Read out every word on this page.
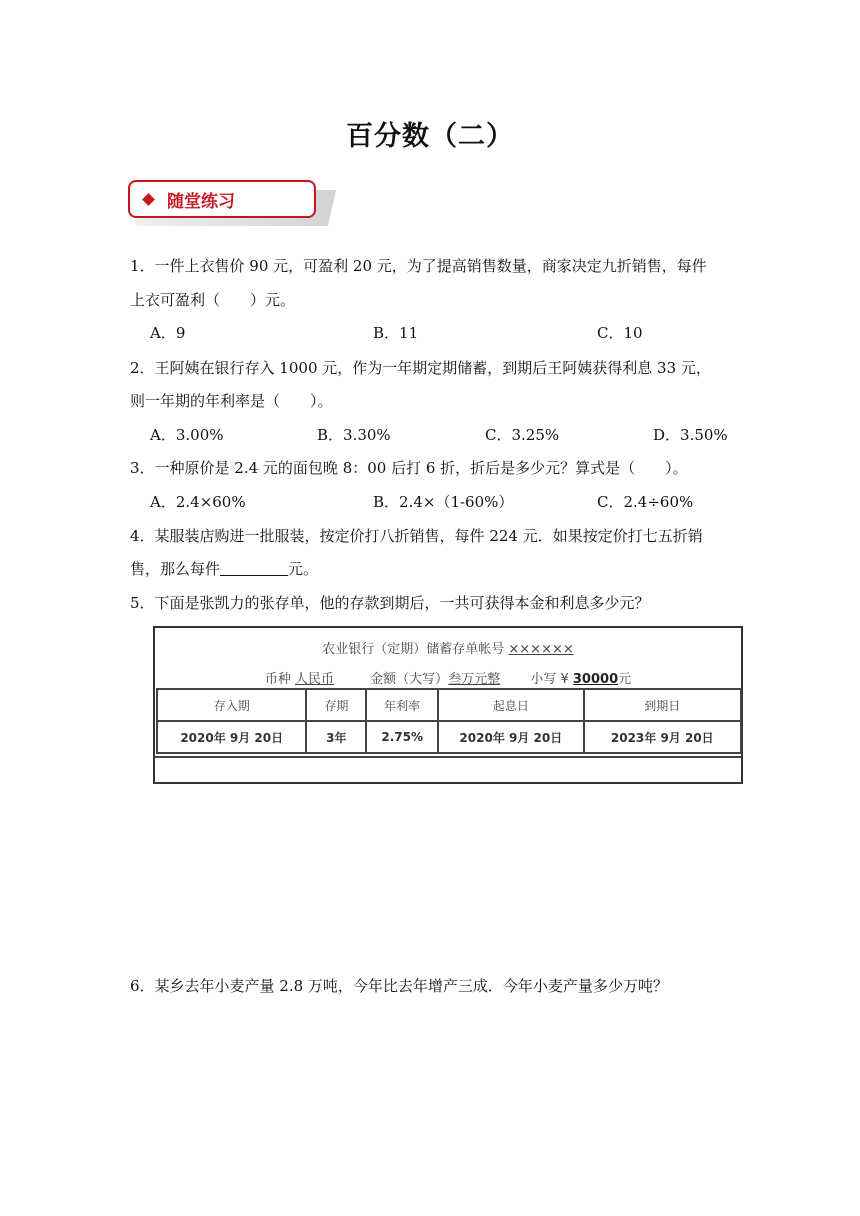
百分数（二）
随堂练习
1．一件上衣售价 90 元，可盈利 20 元，为了提高销售数量，商家决定九折销售，每件
上衣可盈利（　　）元。
A．9	B．11	C．10
2．王阿姨在银行存入 1000 元，作为一年期定期储蓄，到期后王阿姨获得利息 33 元，
则一年期的年利率是（　　）。
A．3.00%	B．3.30%	C．3.25%	D．3.50%
3．一种原价是 2.4 元的面包晚 8：00 后打 6 折，折后是多少元？算式是（　　）。
A．2.4×60%	B．2.4×（1-60%）	C．2.4÷60%
4．某服装店购进一批服装，按定价打八折销售，每件 224 元．如果按定价打七五折销
售，那么每件	元。
5．下面是张凯力的张存单，他的存款到期后，一共可获得本金和利息多少元？
农业银行（定期）储蓄存单帐号 ××××××
币种 人民币	金额（大写）叁万元整 小写 ¥ 30000元
存入期	存期	年利率	起息日	到期日
2020年 9月 20日	3年	2.75%	2020年 9月 20日	2023年 9月 20日
6．某乡去年小麦产量 2.8 万吨，今年比去年增产三成．今年小麦产量多少万吨？
